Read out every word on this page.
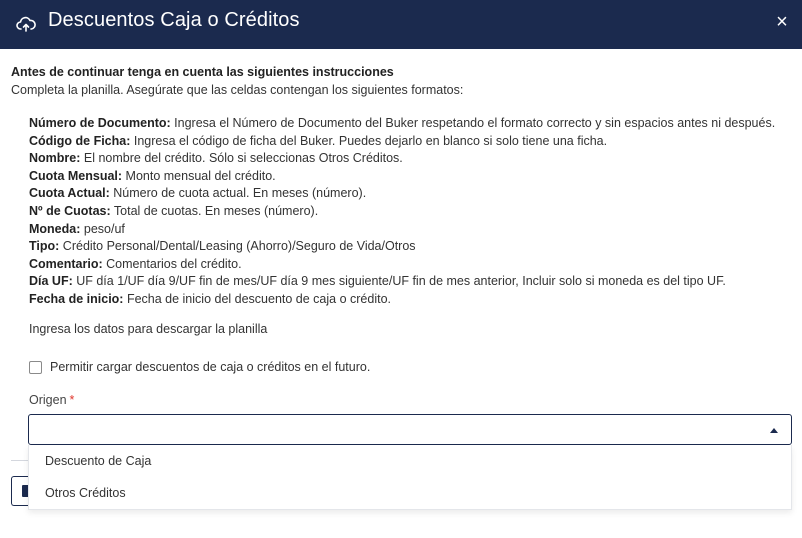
Descuentos Caja o Créditos	×
Antes de continuar tenga en cuenta las siguientes instrucciones
Completa la planilla. Asegúrate que las celdas contengan los siguientes formatos:
Número de Documento: Ingresa el Número de Documento del Buker respetando el formato correcto y sin espacios antes ni después.
Código de Ficha: Ingresa el código de ficha del Buker. Puedes dejarlo en blanco si solo tiene una ficha.
Nombre: El nombre del crédito. Sólo si seleccionas Otros Créditos.
Cuota Mensual: Monto mensual del crédito.
Cuota Actual: Número de cuota actual. En meses (número).
Nº de Cuotas: Total de cuotas. En meses (número).
Moneda: peso/uf
Tipo: Crédito Personal/Dental/Leasing (Ahorro)/Seguro de Vida/Otros
Comentario: Comentarios del crédito.
Día UF: UF día 1/UF día 9/UF fin de mes/UF día 9 mes siguiente/UF fin de mes anterior, Incluir solo si moneda es del tipo UF.
Fecha de inicio: Fecha de inicio del descuento de caja o crédito.
Ingresa los datos para descargar la planilla
Permitir cargar descuentos de caja o créditos en el futuro.
Origen *
Descuento de Caja
Otros Créditos
